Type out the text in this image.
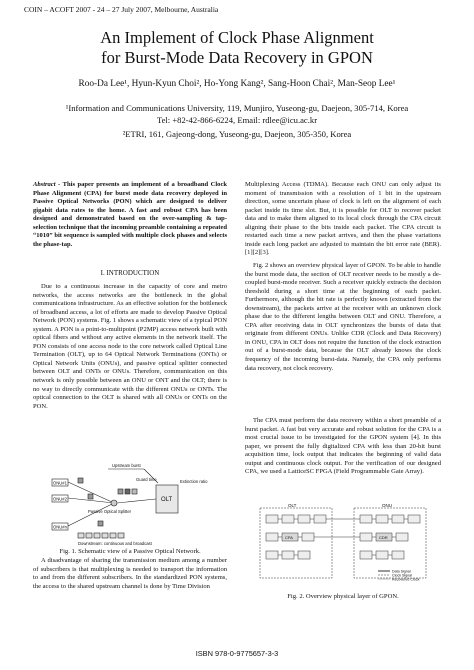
COIN – ACOFT 2007 - 24 – 27 July 2007, Melbourne, Australia
An Implement of Clock Phase Alignment
for Burst-Mode Data Recovery in GPON
Roo-Da Lee¹, Hyun-Kyun Choi², Ho-Yong Kang², Sang-Hoon Chai², Man-Seop Lee¹
¹Information and Communications University, 119, Munjiro, Yuseong-gu, Daejeon, 305-714, Korea
Tel: +82-42-866-6224, Email: rdlee@icu.ac.kr
²ETRI, 161, Gajeong-dong, Yuseong-gu, Daejeon, 305-350, Korea
Abstract - This paper presents an implement of a broadband Clock Phase Alignment (CPA) for burst mode data recovery deployed in Passive Optical Networks (PON) which are designed to deliver gigabit data rates to the home. A fast and robust CPA has been designed and demonstrated based on the over-sampling & tap-selection technique that the incoming preamble containing a repeated “1010” bit sequence is sampled with multiple clock phases and selects the phase-tap.
I. INTRODUCTION
Due to a continuous increase in the capacity of core and metro networks, the access networks are the bottleneck in the global communications infrastructure. As an effective solution for the bottleneck of broadband access, a lot of efforts are made to develop Passive Optical Network (PON) systems. Fig. 1 shows a schematic view of a typical PON system. A PON is a point-to-multipoint (P2MP) access network built with optical fibers and without any active elements in the network itself. The PON consists of one access node to the core network called Optical Line Termination (OLT), up to 64 Optical Network Terminations (ONTs) or Optical Network Units (ONUs), and passive optical splitter connected between OLT and ONTs or ONUs. Therefore, communication on this network is only possible between an ONU or ONT and the OLT; there is no way to directly communicate with the different ONUs or ONTs. The optical connection to the OLT is shared with all ONUs or ONTs on the PON.
Upstream burst
Guard time	Extinction ratio
ONU#1
ONU#2
ONU#n
OLT
Passive Optical Splitter
Downstream: continuous and broadcast
Fig. 1. Schematic view of a Passive Optical Network.
A disadvantage of sharing the transmission medium among a number of subscribers is that multiplexing is needed to transport the information to and from the different subscribers. In the standardized PON systems, the access to the shared upstream channel is done by Time Division
Multiplexing Access (TDMA). Because each ONU can only adjust its moment of transmission with a resolution of 1 bit in the upstream direction, some uncertain phase of clock is left on the alignment of each packet inside its time slot. But, it is possible for OLT to recover packet data and to make them aligned to its local clock through the CPA circuit aligning their phase to the bits inside each packet. The CPA circuit is restarted each time a new packet arrives, and then the phase variations inside each long packet are adjusted to maintain the bit error rate (BER). [1][2][3].
Fig. 2 shows an overview physical layer of GPON. To be able to handle the burst mode data, the section of OLT receiver needs to be mostly a de-coupled burst-mode receiver. Such a receiver quickly extracts the decision threshold during a short time at the beginning of each packet. Furthermore, although the bit rate is perfectly known (extracted from the downstream), the packets arrive at the receiver with an unknown clock phase due to the different lengths between OLT and ONU. Therefore, a CPA after receiving data in OLT synchronizes the bursts of data that originate from different ONUs. Unlike CDR (Clock and Data Recovery) in ONU, CPA in OLT does not require the function of the clock extraction out of a burst-mode data, because the OLT already knows the clock frequency of the incoming burst-data. Namely, the CPA only performs data recovery, not clock recovery.
The CPA must perform the data recovery within a short preamble of a burst packet. A fast but very accurate and robust solution for the CPA is a most crucial issue to be investigated for the GPON system [4]. In this paper, we present the fully digitalized CPA with less than 20-bit burst acquisition time, lock output that indicates the beginning of valid data output and continuous clock output. For the verification of our designed CPA, we used a LatticeSC FPGA (Field Programmable Gate Array).
OLT	ONU
CPA	CDR
Data Signal
Clock Signal
Recovered Clock
Fig. 2. Overview physical layer of GPON.
ISBN 978-0-9775657-3-3
